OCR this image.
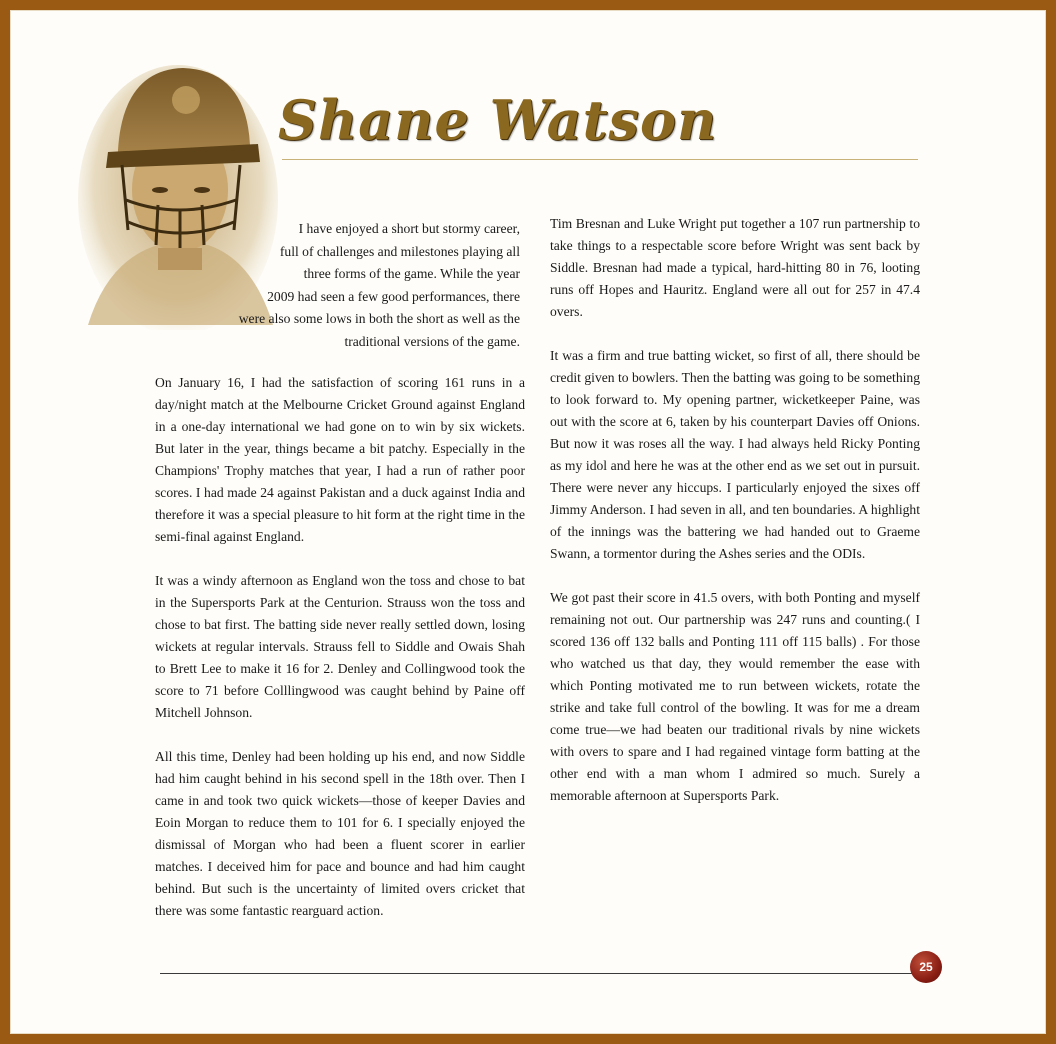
Shane Watson

I have enjoyed a short but stormy career,

full of challenges and milestones playing all

three forms of the game. While the year

2009 had seen a few good performances, there

were also some lows in both the short as well as the

traditional versions of the game.

On January 16, I had the satisfaction of scoring 161 runs in a day/night match at the Melbourne Cricket Ground against England in a one-day international we had gone on to win by six wickets. But later in the year, things became a bit patchy. Especially in the Champions' Trophy matches that year, I had a run of rather poor scores. I had made 24 against Pakistan and a duck against India and therefore it was a special pleasure to hit form at the right time in the semi-final against England.

It was a windy afternoon as England won the toss and chose to bat in the Supersports Park at the Centurion. Strauss won the toss and chose to bat first. The batting side never really settled down, losing wickets at regular intervals. Strauss fell to Siddle and Owais Shah to Brett Lee to make it 16 for 2. Denley and Collingwood took the score to 71 before Colllingwood was caught behind by Paine off Mitchell Johnson.

All this time, Denley had been holding up his end, and now Siddle had him caught behind in his second spell in the 18th over. Then I came in and took two quick wickets—those of keeper Davies and Eoin Morgan to reduce them to 101 for 6. I specially enjoyed the dismissal of Morgan who had been a fluent scorer in earlier matches. I deceived him for pace and bounce and had him caught behind. But such is the uncertainty of limited overs cricket that there was some fantastic rearguard action.

Tim Bresnan and Luke Wright put together a 107 run partnership to take things to a respectable score before Wright was sent back by Siddle. Bresnan had made a typical, hard-hitting 80 in 76, looting runs off Hopes and Hauritz. England were all out for 257 in 47.4 overs.

It was a firm and true batting wicket, so first of all, there should be credit given to bowlers. Then the batting was going to be something to look forward to. My opening partner, wicketkeeper Paine, was out with the score at 6, taken by his counterpart Davies off Onions. But now it was roses all the way. I had always held Ricky Ponting as my idol and here he was at the other end as we set out in pursuit. There were never any hiccups. I particularly enjoyed the sixes off Jimmy Anderson. I had seven in all, and ten boundaries. A highlight of the innings was the battering we had handed out to Graeme Swann, a tormentor during the Ashes series and the ODIs.

We got past their score in 41.5 overs, with both Ponting and myself remaining not out. Our partnership was 247 runs and counting.( I scored 136 off 132 balls and Ponting 111 off 115 balls) . For those who watched us that day, they would remember the ease with which Ponting motivated me to run between wickets, rotate the strike and take full control of the bowling. It was for me a dream come true—we had beaten our traditional rivals by nine wickets with overs to spare and I had regained vintage form batting at the other end with a man whom I admired so much. Surely a memorable afternoon at Supersports Park.

25
